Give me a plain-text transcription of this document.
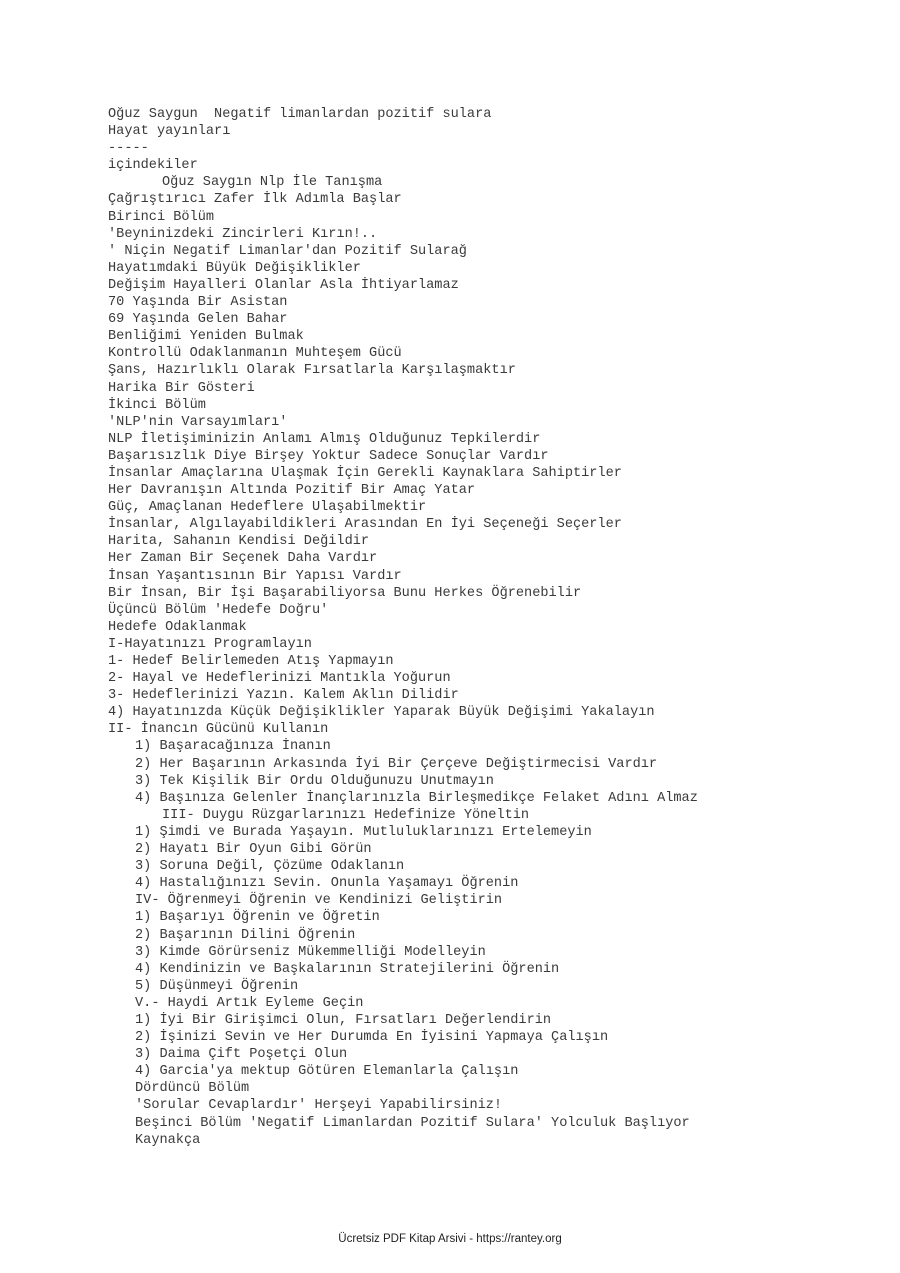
Oğuz Saygun  Negatif limanlardan pozitif sulara
Hayat yayınları
-----
içindekiler
Oğuz Saygın Nlp İle Tanışma
Çağrıştırıcı Zafer İlk Adımla Başlar
Birinci Bölüm
'Beyninizdeki Zincirleri Kırın!..
' Niçin Negatif Limanlar'dan Pozitif Sularağ
Hayatımdaki Büyük Değişiklikler
Değişim Hayalleri Olanlar Asla İhtiyarlamaz
70 Yaşında Bir Asistan
69 Yaşında Gelen Bahar
Benliğimi Yeniden Bulmak
Kontrollü Odaklanmanın Muhteşem Gücü
Şans, Hazırlıklı Olarak Fırsatlarla Karşılaşmaktır
Harika Bir Gösteri
İkinci Bölüm
'NLP'nin Varsayımları'
NLP İletişiminizin Anlamı Almış Olduğunuz Tepkilerdir
Başarısızlık Diye Birşey Yoktur Sadece Sonuçlar Vardır
İnsanlar Amaçlarına Ulaşmak İçin Gerekli Kaynaklara Sahiptirler
Her Davranışın Altında Pozitif Bir Amaç Yatar
Güç, Amaçlanan Hedeflere Ulaşabilmektir
İnsanlar, Algılayabildikleri Arasından En İyi Seçeneği Seçerler
Harita, Sahanın Kendisi Değildir
Her Zaman Bir Seçenek Daha Vardır
İnsan Yaşantısının Bir Yapısı Vardır
Bir İnsan, Bir İşi Başarabiliyorsa Bunu Herkes Öğrenebilir
Üçüncü Bölüm 'Hedefe Doğru'
Hedefe Odaklanmak
I-Hayatınızı Programlayın
1- Hedef Belirlemeden Atış Yapmayın
2- Hayal ve Hedeflerinizi Mantıkla Yoğurun
3- Hedeflerinizi Yazın. Kalem Aklın Dilidir
4) Hayatınızda Küçük Değişiklikler Yaparak Büyük Değişimi Yakalayın
II- İnancın Gücünü Kullanın
1) Başaracağınıza İnanın
2) Her Başarının Arkasında İyi Bir Çerçeve Değiştirmecisi Vardır
3) Tek Kişilik Bir Ordu Olduğunuzu Unutmayın
4) Başınıza Gelenler İnançlarınızla Birleşmedikçe Felaket Adını Almaz
III- Duygu Rüzgarlarınızı Hedefinize Yöneltin
1) Şimdi ve Burada Yaşayın. Mutluluklarınızı Ertelemeyin
2) Hayatı Bir Oyun Gibi Görün
3) Soruna Değil, Çözüme Odaklanın
4) Hastalığınızı Sevin. Onunla Yaşamayı Öğrenin
IV- Öğrenmeyi Öğrenin ve Kendinizi Geliştirin
1) Başarıyı Öğrenin ve Öğretin
2) Başarının Dilini Öğrenin
3) Kimde Görürseniz Mükemmelliği Modelleyin
4) Kendinizin ve Başkalarının Stratejilerini Öğrenin
5) Düşünmeyi Öğrenin
V.- Haydi Artık Eyleme Geçin
1) İyi Bir Girişimci Olun, Fırsatları Değerlendirin
2) İşinizi Sevin ve Her Durumda En İyisini Yapmaya Çalışın
3) Daima Çift Poşetçi Olun
4) Garcia'ya mektup Götüren Elemanlarla Çalışın
Dördüncü Bölüm
'Sorular Cevaplardır' Herşeyi Yapabilirsiniz!
Beşinci Bölüm 'Negatif Limanlardan Pozitif Sulara' Yolculuk Başlıyor
Kaynakça
Ücretsiz PDF Kitap Arsivi - https://rantey.org
